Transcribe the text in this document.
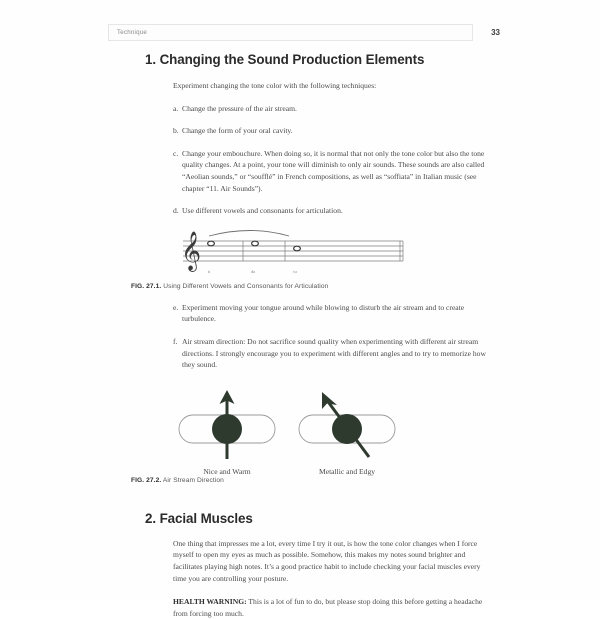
Technique	33
1. Changing the Sound Production Elements

Experiment changing the tone color with the following techniques:

a. Change the pressure of the air stream.
b. Change the form of your oral cavity.
c. Change your embouchure. When doing so, it is normal that not only the tone color but also the tone quality changes. At a point, your tone will diminish to only air sounds. These sounds are also called “Aeolian sounds,” or “soufflé” in French compositions, as well as “soffiata” in Italian music (see chapter “11. Air Sounds”).
d. Use different vowels and consonants for articulation.
𝄞
ti	da	tu
FIG. 27.1. Using Different Vowels and Consonants for Articulation
e. Experiment moving your tongue around while blowing to disturb the air stream and to create turbulence.
f. Air stream direction: Do not sacrifice sound quality when experimenting with different air stream directions. I strongly encourage you to experiment with different angles and to try to memorize how they sound.
Nice and Warm	Metallic and Edgy
FIG. 27.2. Air Stream Direction
2. Facial Muscles

One thing that impresses me a lot, every time I try it out, is how the tone color changes when I force myself to open my eyes as much as possible. Somehow, this makes my notes sound brighter and facilitates playing high notes. It’s a good practice habit to include checking your facial muscles every time you are controlling your posture.

HEALTH WARNING: This is a lot of fun to do, but please stop doing this before getting a headache from forcing too much.
